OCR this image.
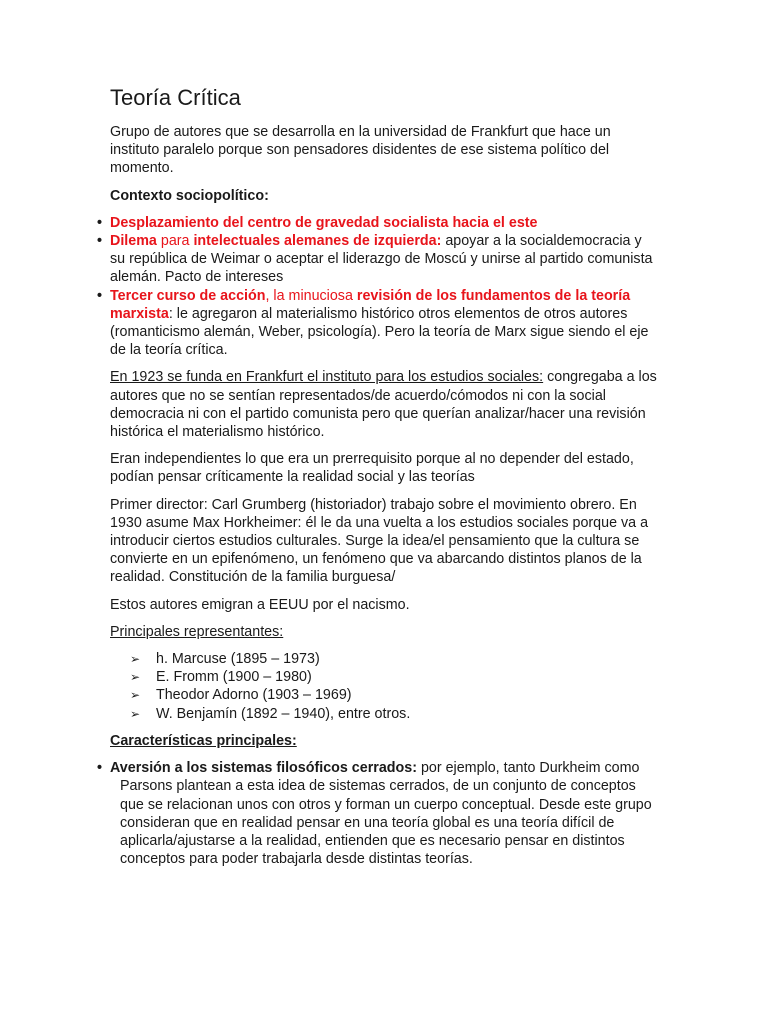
Teoría Crítica

Grupo de autores que se desarrolla en la universidad de Frankfurt que hace un instituto paralelo porque son pensadores disidentes de ese sistema político del momento.

Contexto sociopolítico:

• Desplazamiento del centro de gravedad socialista hacia el este
• Dilema para intelectuales alemanes de izquierda: apoyar a la socialdemocracia y su república de Weimar o aceptar el liderazgo de Moscú y unirse al partido comunista alemán. Pacto de intereses
• Tercer curso de acción, la minuciosa revisión de los fundamentos de la teoría marxista: le agregaron al materialismo histórico otros elementos de otros autores (romanticismo alemán, Weber, psicología). Pero la teoría de Marx sigue siendo el eje de la teoría crítica.

En 1923 se funda en Frankfurt el instituto para los estudios sociales: congregaba a los autores que no se sentían representados/de acuerdo/cómodos ni con la social democracia ni con el partido comunista pero que querían analizar/hacer una revisión histórica el materialismo histórico.

Eran independientes lo que era un prerrequisito porque al no depender del estado, podían pensar críticamente la realidad social y las teorías

Primer director: Carl Grumberg (historiador) trabajo sobre el movimiento obrero. En 1930 asume Max Horkheimer: él le da una vuelta a los estudios sociales porque va a introducir ciertos estudios culturales. Surge la idea/el pensamiento que la cultura se convierte en un epifenómeno, un fenómeno que va abarcando distintos planos de la realidad. Constitución de la familia burguesa/

Estos autores emigran a EEUU por el nacismo.

Principales representantes:

➢ h. Marcuse (1895 – 1973)
➢ E. Fromm (1900 – 1980)
➢ Theodor Adorno (1903 – 1969)
➢ W. Benjamín (1892 – 1940), entre otros.

Características principales:

• Aversión a los sistemas filosóficos cerrados: por ejemplo, tanto Durkheim como Parsons plantean a esta idea de sistemas cerrados, de un conjunto de conceptos que se relacionan unos con otros y forman un cuerpo conceptual. Desde este grupo consideran que en realidad pensar en una teoría global es una teoría difícil de aplicarla/ajustarse a la realidad, entienden que es necesario pensar en distintos conceptos para poder trabajarla desde distintas teorías.
